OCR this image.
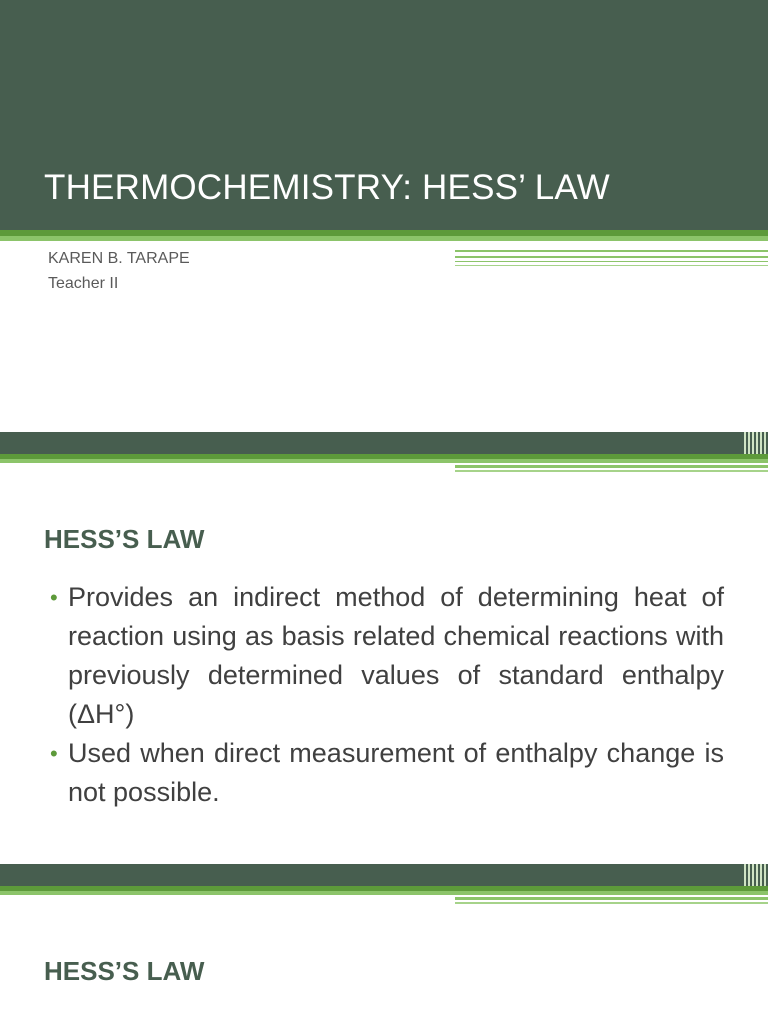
THERMOCHEMISTRY: HESS’ LAW
KAREN B. TARAPE
Teacher II
HESS’S LAW
• Provides an indirect method of determining heat of reaction using as basis related chemical reactions with previously determined values of standard enthalpy (ΔH°)
• Used when direct measurement of enthalpy change is not possible.
HESS’S LAW
